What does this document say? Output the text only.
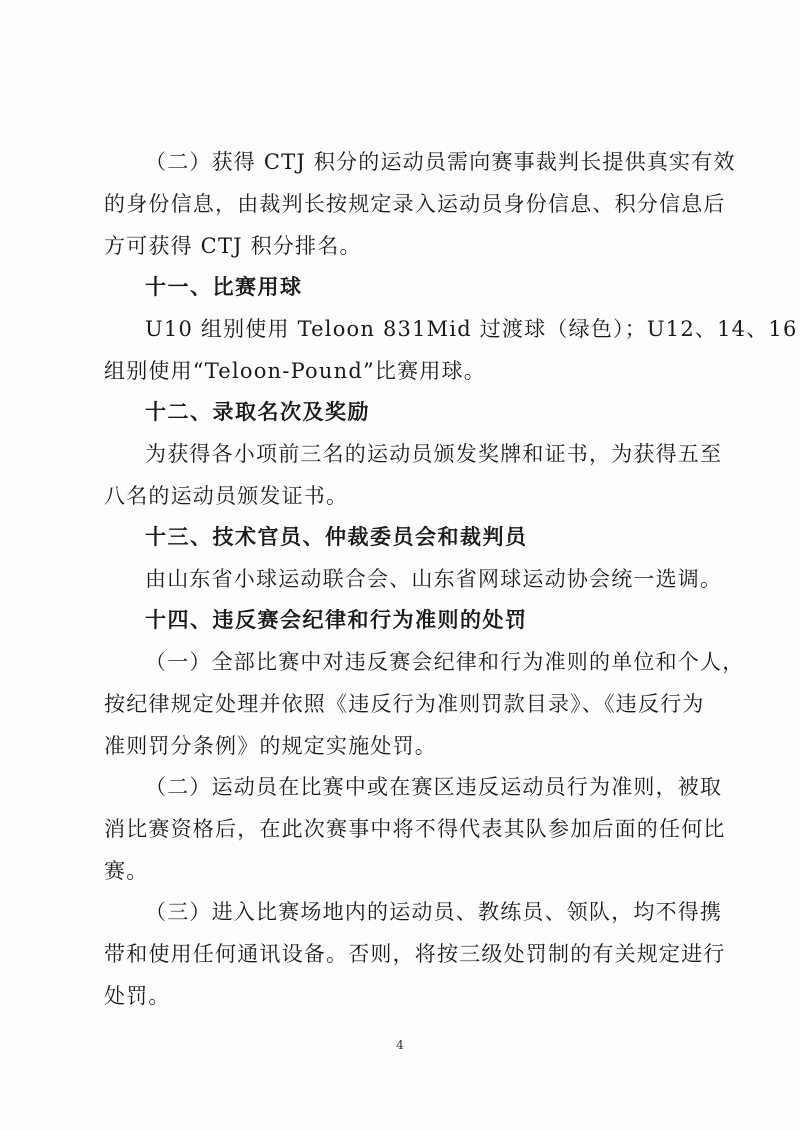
（二）获得 CTJ 积分的运动员需向赛事裁判长提供真实有效
的身份信息，由裁判长按规定录入运动员身份信息、积分信息后
方可获得 CTJ 积分排名。
十一、比赛用球
U10 组别使用 Teloon 831Mid 过渡球（绿色）；U12、14、16
组别使用“Teloon-Pound”比赛用球。
十二、录取名次及奖励
为获得各小项前三名的运动员颁发奖牌和证书，为获得五至
八名的运动员颁发证书。
十三、技术官员、仲裁委员会和裁判员
由山东省小球运动联合会、山东省网球运动协会统一选调。
十四、违反赛会纪律和行为准则的处罚
（一）全部比赛中对违反赛会纪律和行为准则的单位和个人，
按纪律规定处理并依照《违反行为准则罚款目录》、《违反行为
准则罚分条例》的规定实施处罚。
（二）运动员在比赛中或在赛区违反运动员行为准则，被取
消比赛资格后，在此次赛事中将不得代表其队参加后面的任何比
赛。
（三）进入比赛场地内的运动员、教练员、领队，均不得携
带和使用任何通讯设备。否则，将按三级处罚制的有关规定进行
处罚。
4
